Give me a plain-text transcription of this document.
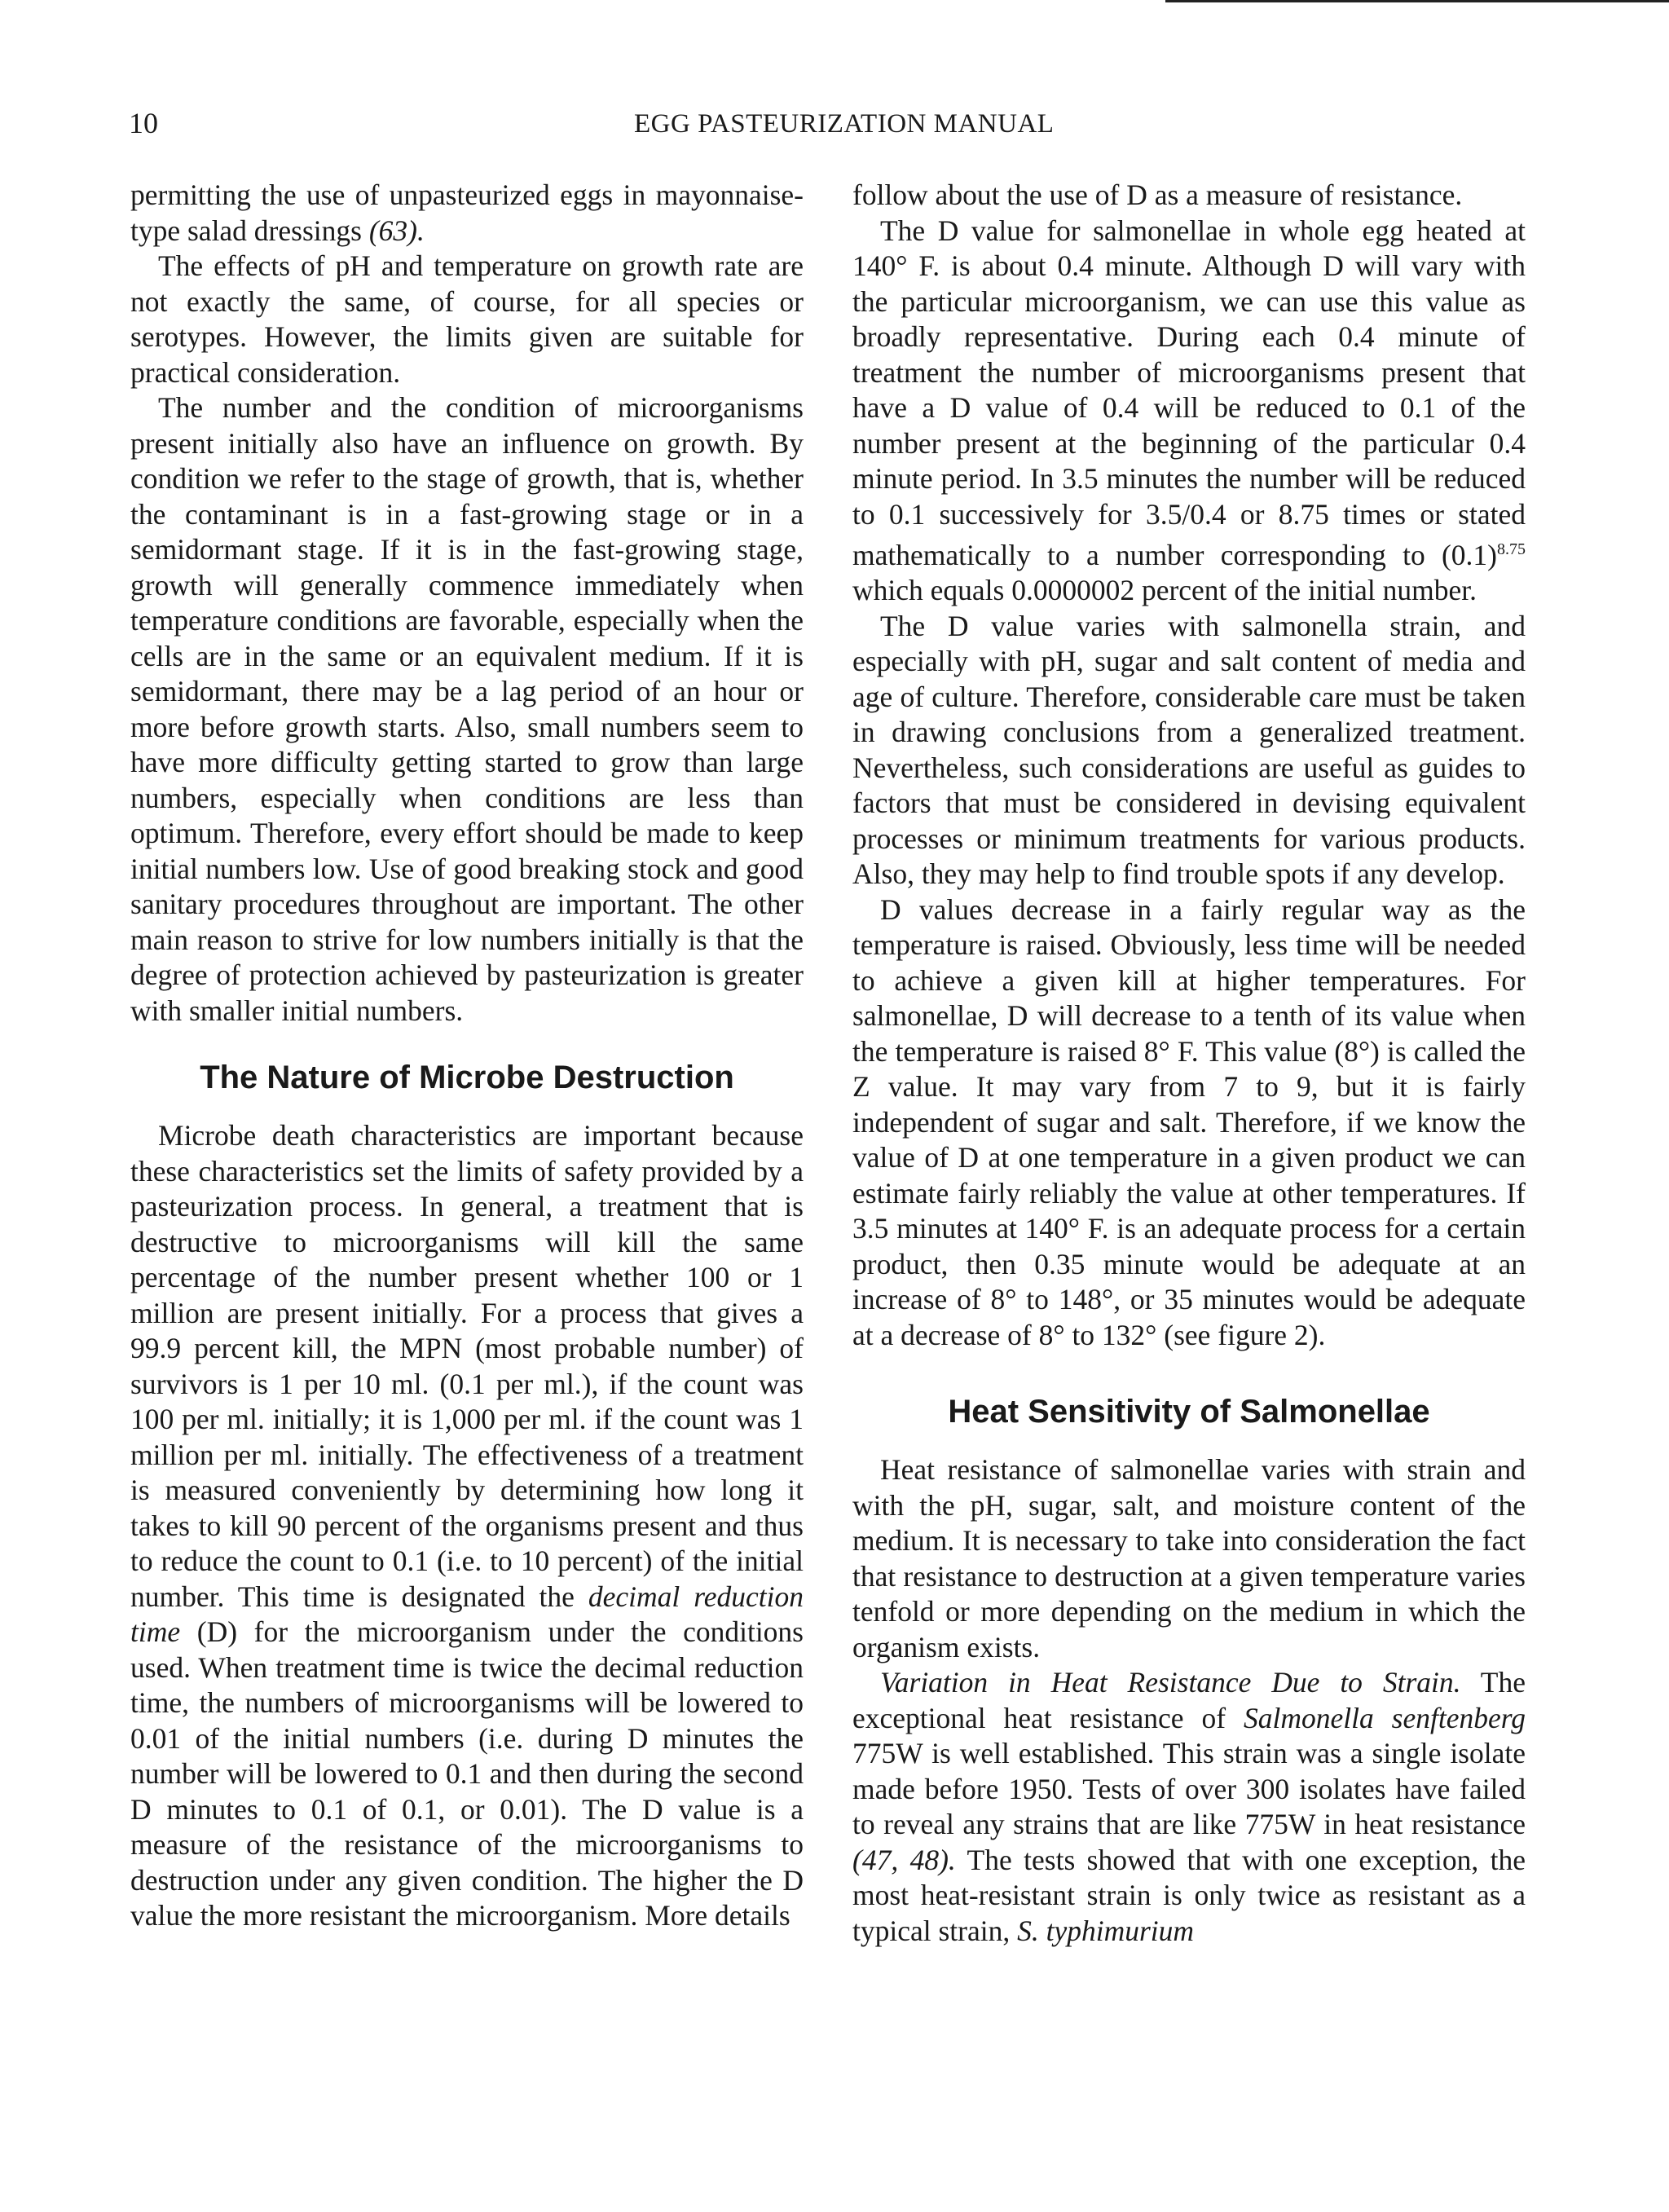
10	EGG PASTEURIZATION MANUAL

permitting the use of unpasteurized eggs in mayonnaise-type salad dressings (63).

The effects of pH and temperature on growth rate are not exactly the same, of course, for all species or serotypes. However, the limits given are suitable for practical consideration.

The number and the condition of microorganisms present initially also have an influence on growth. By condition we refer to the stage of growth, that is, whether the contaminant is in a fast-growing stage or in a semidormant stage. If it is in the fast-growing stage, growth will generally commence immediately when temperature conditions are favorable, especially when the cells are in the same or an equivalent medium. If it is semidormant, there may be a lag period of an hour or more before growth starts. Also, small numbers seem to have more difficulty getting started to grow than large numbers, especially when conditions are less than optimum. Therefore, every effort should be made to keep initial numbers low. Use of good breaking stock and good sanitary procedures throughout are important. The other main reason to strive for low numbers initially is that the degree of protection achieved by pasteurization is greater with smaller initial numbers.

The Nature of Microbe Destruction

Microbe death characteristics are important because these characteristics set the limits of safety provided by a pasteurization process. In general, a treatment that is destructive to microorganisms will kill the same percentage of the number present whether 100 or 1 million are present initially. For a process that gives a 99.9 percent kill, the MPN (most probable number) of survivors is 1 per 10 ml. (0.1 per ml.), if the count was 100 per ml. initially; it is 1,000 per ml. if the count was 1 million per ml. initially. The effectiveness of a treatment is measured conveniently by determining how long it takes to kill 90 percent of the organisms present and thus to reduce the count to 0.1 (i.e. to 10 percent) of the initial number. This time is designated the decimal reduction time (D) for the microorganism under the conditions used. When treatment time is twice the decimal reduction time, the numbers of microorganisms will be lowered to 0.01 of the initial numbers (i.e. during D minutes the number will be lowered to 0.1 and then during the second D minutes to 0.1 of 0.1, or 0.01). The D value is a measure of the resistance of the microorganisms to destruction under any given condition. The higher the D value the more resistant the microorganism. More details

follow about the use of D as a measure of resistance.

The D value for salmonellae in whole egg heated at 140° F. is about 0.4 minute. Although D will vary with the particular microorganism, we can use this value as broadly representative. During each 0.4 minute of treatment the number of microorganisms present that have a D value of 0.4 will be reduced to 0.1 of the number present at the beginning of the particular 0.4 minute period. In 3.5 minutes the number will be reduced to 0.1 successively for 3.5/0.4 or 8.75 times or stated mathematically to a number corresponding to $(0.1)^{8.75}$ which equals 0.0000002 percent of the initial number.

The D value varies with salmonella strain, and especially with pH, sugar and salt content of media and age of culture. Therefore, considerable care must be taken in drawing conclusions from a generalized treatment. Nevertheless, such considerations are useful as guides to factors that must be considered in devising equivalent processes or minimum treatments for various products. Also, they may help to find trouble spots if any develop.

D values decrease in a fairly regular way as the temperature is raised. Obviously, less time will be needed to achieve a given kill at higher temperatures. For salmonellae, D will decrease to a tenth of its value when the temperature is raised 8° F. This value (8°) is called the Z value. It may vary from 7 to 9, but it is fairly independent of sugar and salt. Therefore, if we know the value of D at one temperature in a given product we can estimate fairly reliably the value at other temperatures. If 3.5 minutes at 140° F. is an adequate process for a certain product, then 0.35 minute would be adequate at an increase of 8° to 148°, or 35 minutes would be adequate at a decrease of 8° to 132° (see figure 2).

Heat Sensitivity of Salmonellae

Heat resistance of salmonellae varies with strain and with the pH, sugar, salt, and moisture content of the medium. It is necessary to take into consideration the fact that resistance to destruction at a given temperature varies tenfold or more depending on the medium in which the organism exists.

Variation in Heat Resistance Due to Strain. The exceptional heat resistance of Salmonella senftenberg 775W is well established. This strain was a single isolate made before 1950. Tests of over 300 isolates have failed to reveal any strains that are like 775W in heat resistance (47, 48). The tests showed that with one exception, the most heat-resistant strain is only twice as resistant as a typical strain, S. typhimurium
